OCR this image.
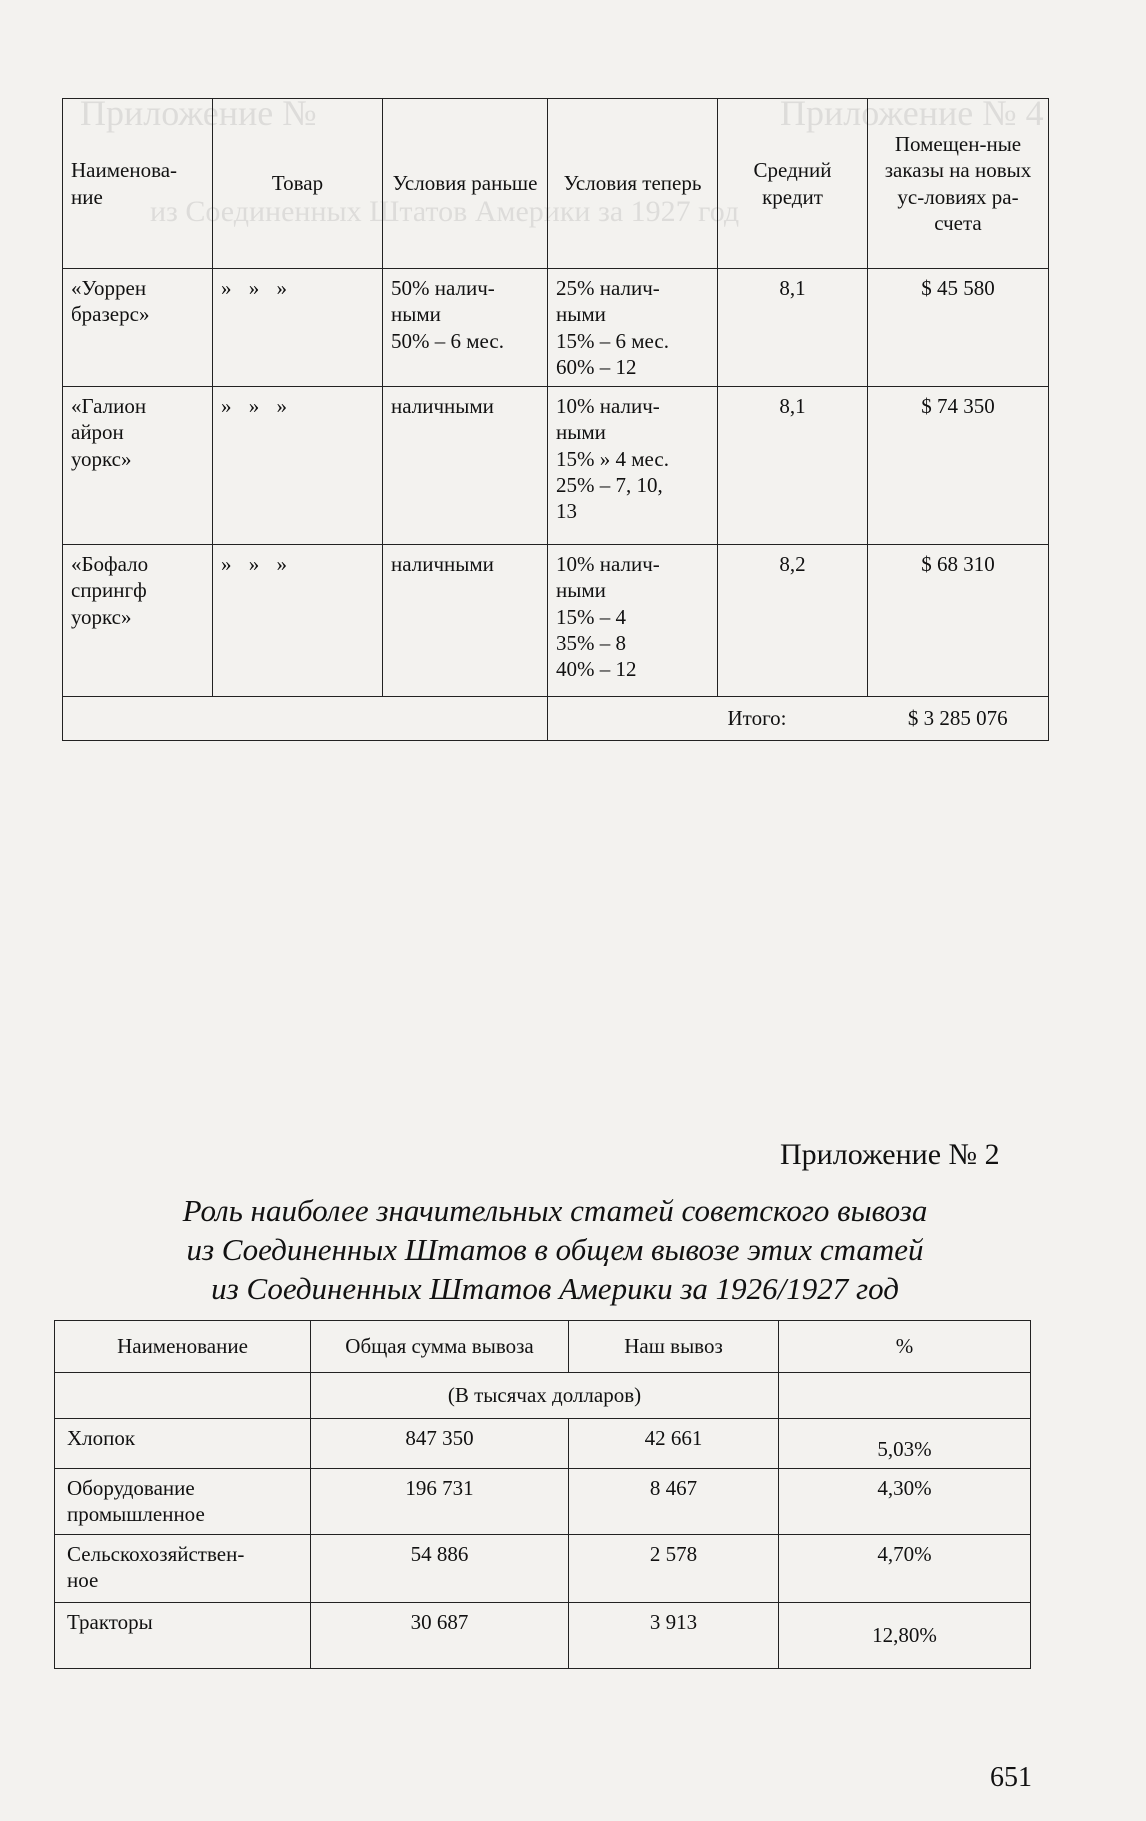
Приложение №	Приложение № 4
из Соединенных Штатов Америки за 1927 год
Наименова-
ние	Товар	Условия раньше	Условия теперь	Средний кредит	Помещен-ные заказы на новых ус-ловиях ра-счета
«Уоррен
бразерс»	» » »	50% налич-
ными
50% – 6 мес.	25% налич-
ными
15% – 6 мес.
60% – 12	8,1	$ 45 580
«Галион
айрон
уоркс»	» » »	наличными	10% налич-
ными
15% » 4 мес.
25% – 7, 10,
13	8,1	$ 74 350
«Бофало
спрингф
уоркс»	» » »	наличными	10% налич-
ными
15% – 4
35% – 8
40% – 12	8,2	$ 68 310
				Итого:	$ 3 285 076
Приложение № 2
Роль наиболее значительных статей советского вывоза
из Соединенных Штатов в общем вывозе этих статей
из Соединенных Штатов Америки за 1926/1927 год
Наименование	Общая сумма вывоза	Наш вывоз	%
	(В тысячах долларов)		
Хлопок	847 350	42 661	5,03%
Оборудование
промышленное	196 731	8 467	4,30%
Сельскохозяйствен-
ное	54 886	2 578	4,70%
Тракторы	30 687	3 913	12,80%
651
